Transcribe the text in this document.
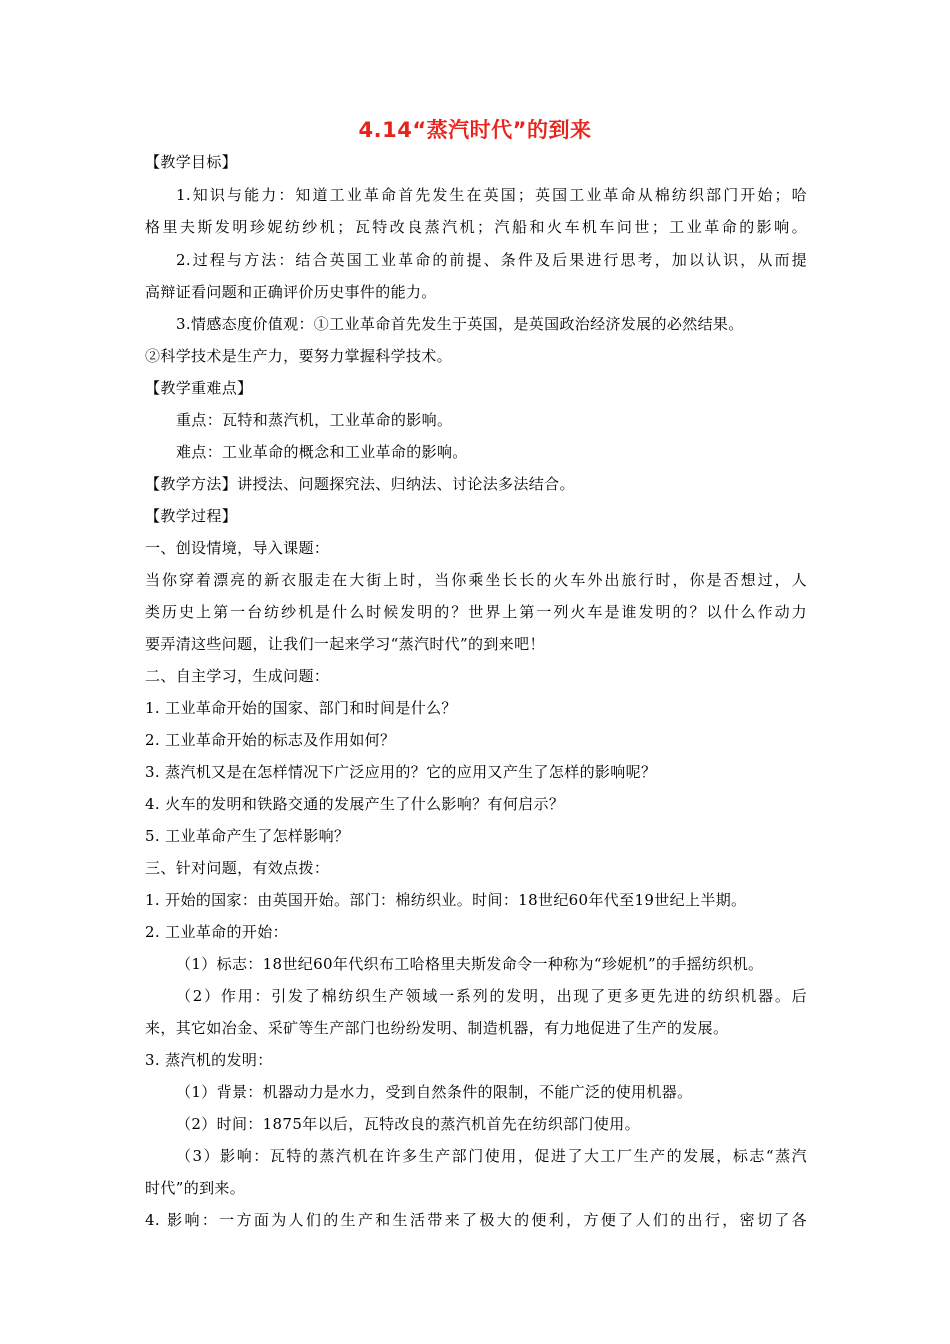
4.14“蒸汽时代”的到来
【教学目标】
1.知识与能力：知道工业革命首先发生在英国；英国工业革命从棉纺织部门开始；哈
格里夫斯发明珍妮纺纱机；瓦特改良蒸汽机；汽船和火车机车问世；工业革命的影响。
2.过程与方法：结合英国工业革命的前提、条件及后果进行思考，加以认识，从而提
高辩证看问题和正确评价历史事件的能力。
3.情感态度价值观：①工业革命首先发生于英国，是英国政治经济发展的必然结果。
②科学技术是生产力，要努力掌握科学技术。
【教学重难点】
重点：瓦特和蒸汽机，工业革命的影响。
难点：工业革命的概念和工业革命的影响。
【教学方法】讲授法、问题探究法、归纳法、讨论法多法结合。
【教学过程】
一、创设情境，导入课题：
当你穿着漂亮的新衣服走在大街上时，当你乘坐长长的火车外出旅行时，你是否想过，人
类历史上第一台纺纱机是什么时候发明的？世界上第一列火车是谁发明的？以什么作动力
要弄清这些问题，让我们一起来学习“蒸汽时代”的到来吧！
二、自主学习，生成问题：
1. 工业革命开始的国家、部门和时间是什么？
2. 工业革命开始的标志及作用如何？
3. 蒸汽机又是在怎样情况下广泛应用的？它的应用又产生了怎样的影响呢？
4. 火车的发明和铁路交通的发展产生了什么影响？有何启示？
5. 工业革命产生了怎样影响？
三、针对问题，有效点拨：
1. 开始的国家：由英国开始。部门：棉纺织业。时间：18世纪60年代至19世纪上半期。
2. 工业革命的开始：
（1）标志：18世纪60年代织布工哈格里夫斯发命令一种称为“珍妮机”的手摇纺织机。
（2）作用：引发了棉纺织生产领域一系列的发明，出现了更多更先进的纺织机器。后
来，其它如冶金、采矿等生产部门也纷纷发明、制造机器，有力地促进了生产的发展。
3. 蒸汽机的发明：
（1）背景：机器动力是水力，受到自然条件的限制，不能广泛的使用机器。
（2）时间：1875年以后，瓦特改良的蒸汽机首先在纺织部门使用。
（3）影响：瓦特的蒸汽机在许多生产部门使用，促进了大工厂生产的发展，标志“蒸汽
时代”的到来。
4. 影响：一方面为人们的生产和生活带来了极大的便利，方便了人们的出行，密切了各
